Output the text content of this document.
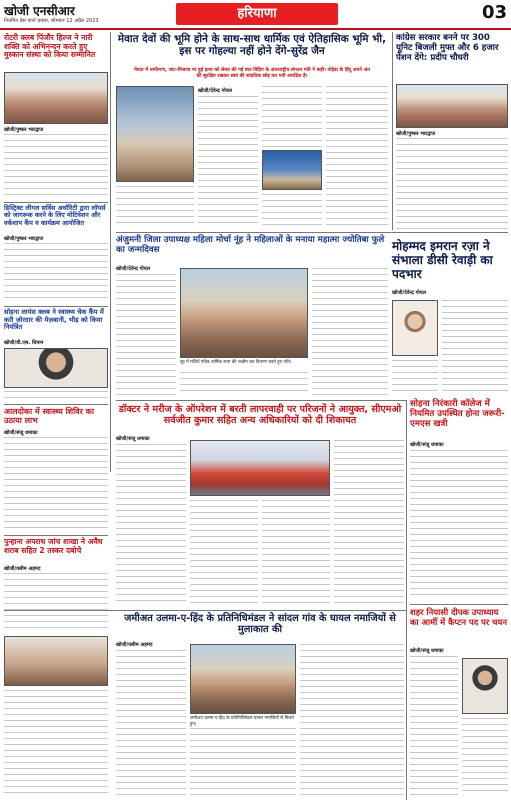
खोजी एनसीआर
नियमित प्रेस वार्ता प्रयास, सोमवार 12 अप्रैल 2023	हरियाणा	03
रोटरी क्लब पिंजौर हिल्ज ने नारी शक्ति को अभिनन्दन करते हुए मुस्कान संस्था को किया सम्मानित
खोजी/पुष्कर भारद्वाज
डिस्ट्रिक्ट लीगल सर्विस अथॉरिटी द्वारा लॉयर्स को जागरूक करने के लिए मोटिवेशन और वर्कशाप कैंप व कार्यक्रम आयोजित
खोजी/पुष्कर भारद्वाज
सोहना लायंस क्लब ने स्वास्थ्य चेक कैंप में करी ज़ोरदार की मेज़बानी, भीड़ को किया नियंत्रित
खोजी/वी.एस. धिमान
आलदोका में स्वास्थ्य शिविर का उठाया लाभ
खोजी/संजू धमाका
पुन्हाना अपराध जांच शाखा ने अवैध शराब सहित 2 तस्कर दबोचे
खोजी/वसीम अहमद
मेवात देवों की भूमि होने के साथ-साथ धार्मिक एवं ऐतिहासिक भूमि भी, इस पर गोहल्या नहीं होने देंगे-सुरेंद्र जैन
मेवात में धर्मांतरण, जाट-मिजाज पर हुई हत्या को लेकर की गई बात विहिप के अंतरराष्ट्रीय संगठन मंत्री ने कही। नोहेडा के हिंदू अपने अंत की सुरक्षित रखकर स्वयं की सांप्रदिक छोड़ कर गयी आरक्षित है।
खोजी/देवेन्द्र गोयल
कांग्रेस सरकार बनने पर 300 यूनिट बिजली मुफ्त और 6 हजार पेंशन देंगे: प्रदीप चौधरी
खोजी/पुष्कर भारद्वाज
अंजुमनी जिला उपाध्यक्ष महिला मोर्चा नूंह ने महिलाओं के मनाया महात्मा ज्योतिबा फुले का जन्मदिवस
खोजी/देवेन्द्र गोयल
नूंह में मजिदें पवित्र धार्मिक सभा की जश्नीम कर वितरण करते हुए पति।
मोहम्मद इमरान रज़ा ने संभाला डीसी रेवाड़ी का पदभार
खोजी/देवेन्द्र गोयल
डॉक्टर ने मरीज के ऑपरेशन में बरती लापरवाही पर परिजनों ने आयुक्त, सीएमओ सर्वजीत कुमार सहित अन्य अधिकारियों को दी शिकायत
खोजी/संजू धमाका
सोहना निरंकारी कॉलेज में नियमित उपस्थित होना जरूरी-एमएस खत्री
खोजी/संजू धमाका
जमीअत उलमा-ए-हिंद के प्रतिनिधिमंडल ने सांदल गांव के घायल नमाजियों से मुलाकात की
खोजी/वसीम अहमद
जमीअत उलमा-ए-हिंद के प्रतिनिधिमंडल घायल नमाजियों से मिलते हुए।
शहर नियासी दीपक उपाध्याय का आर्मी में कैप्टन पद पर चयन
खोजी/संजू धमाका
